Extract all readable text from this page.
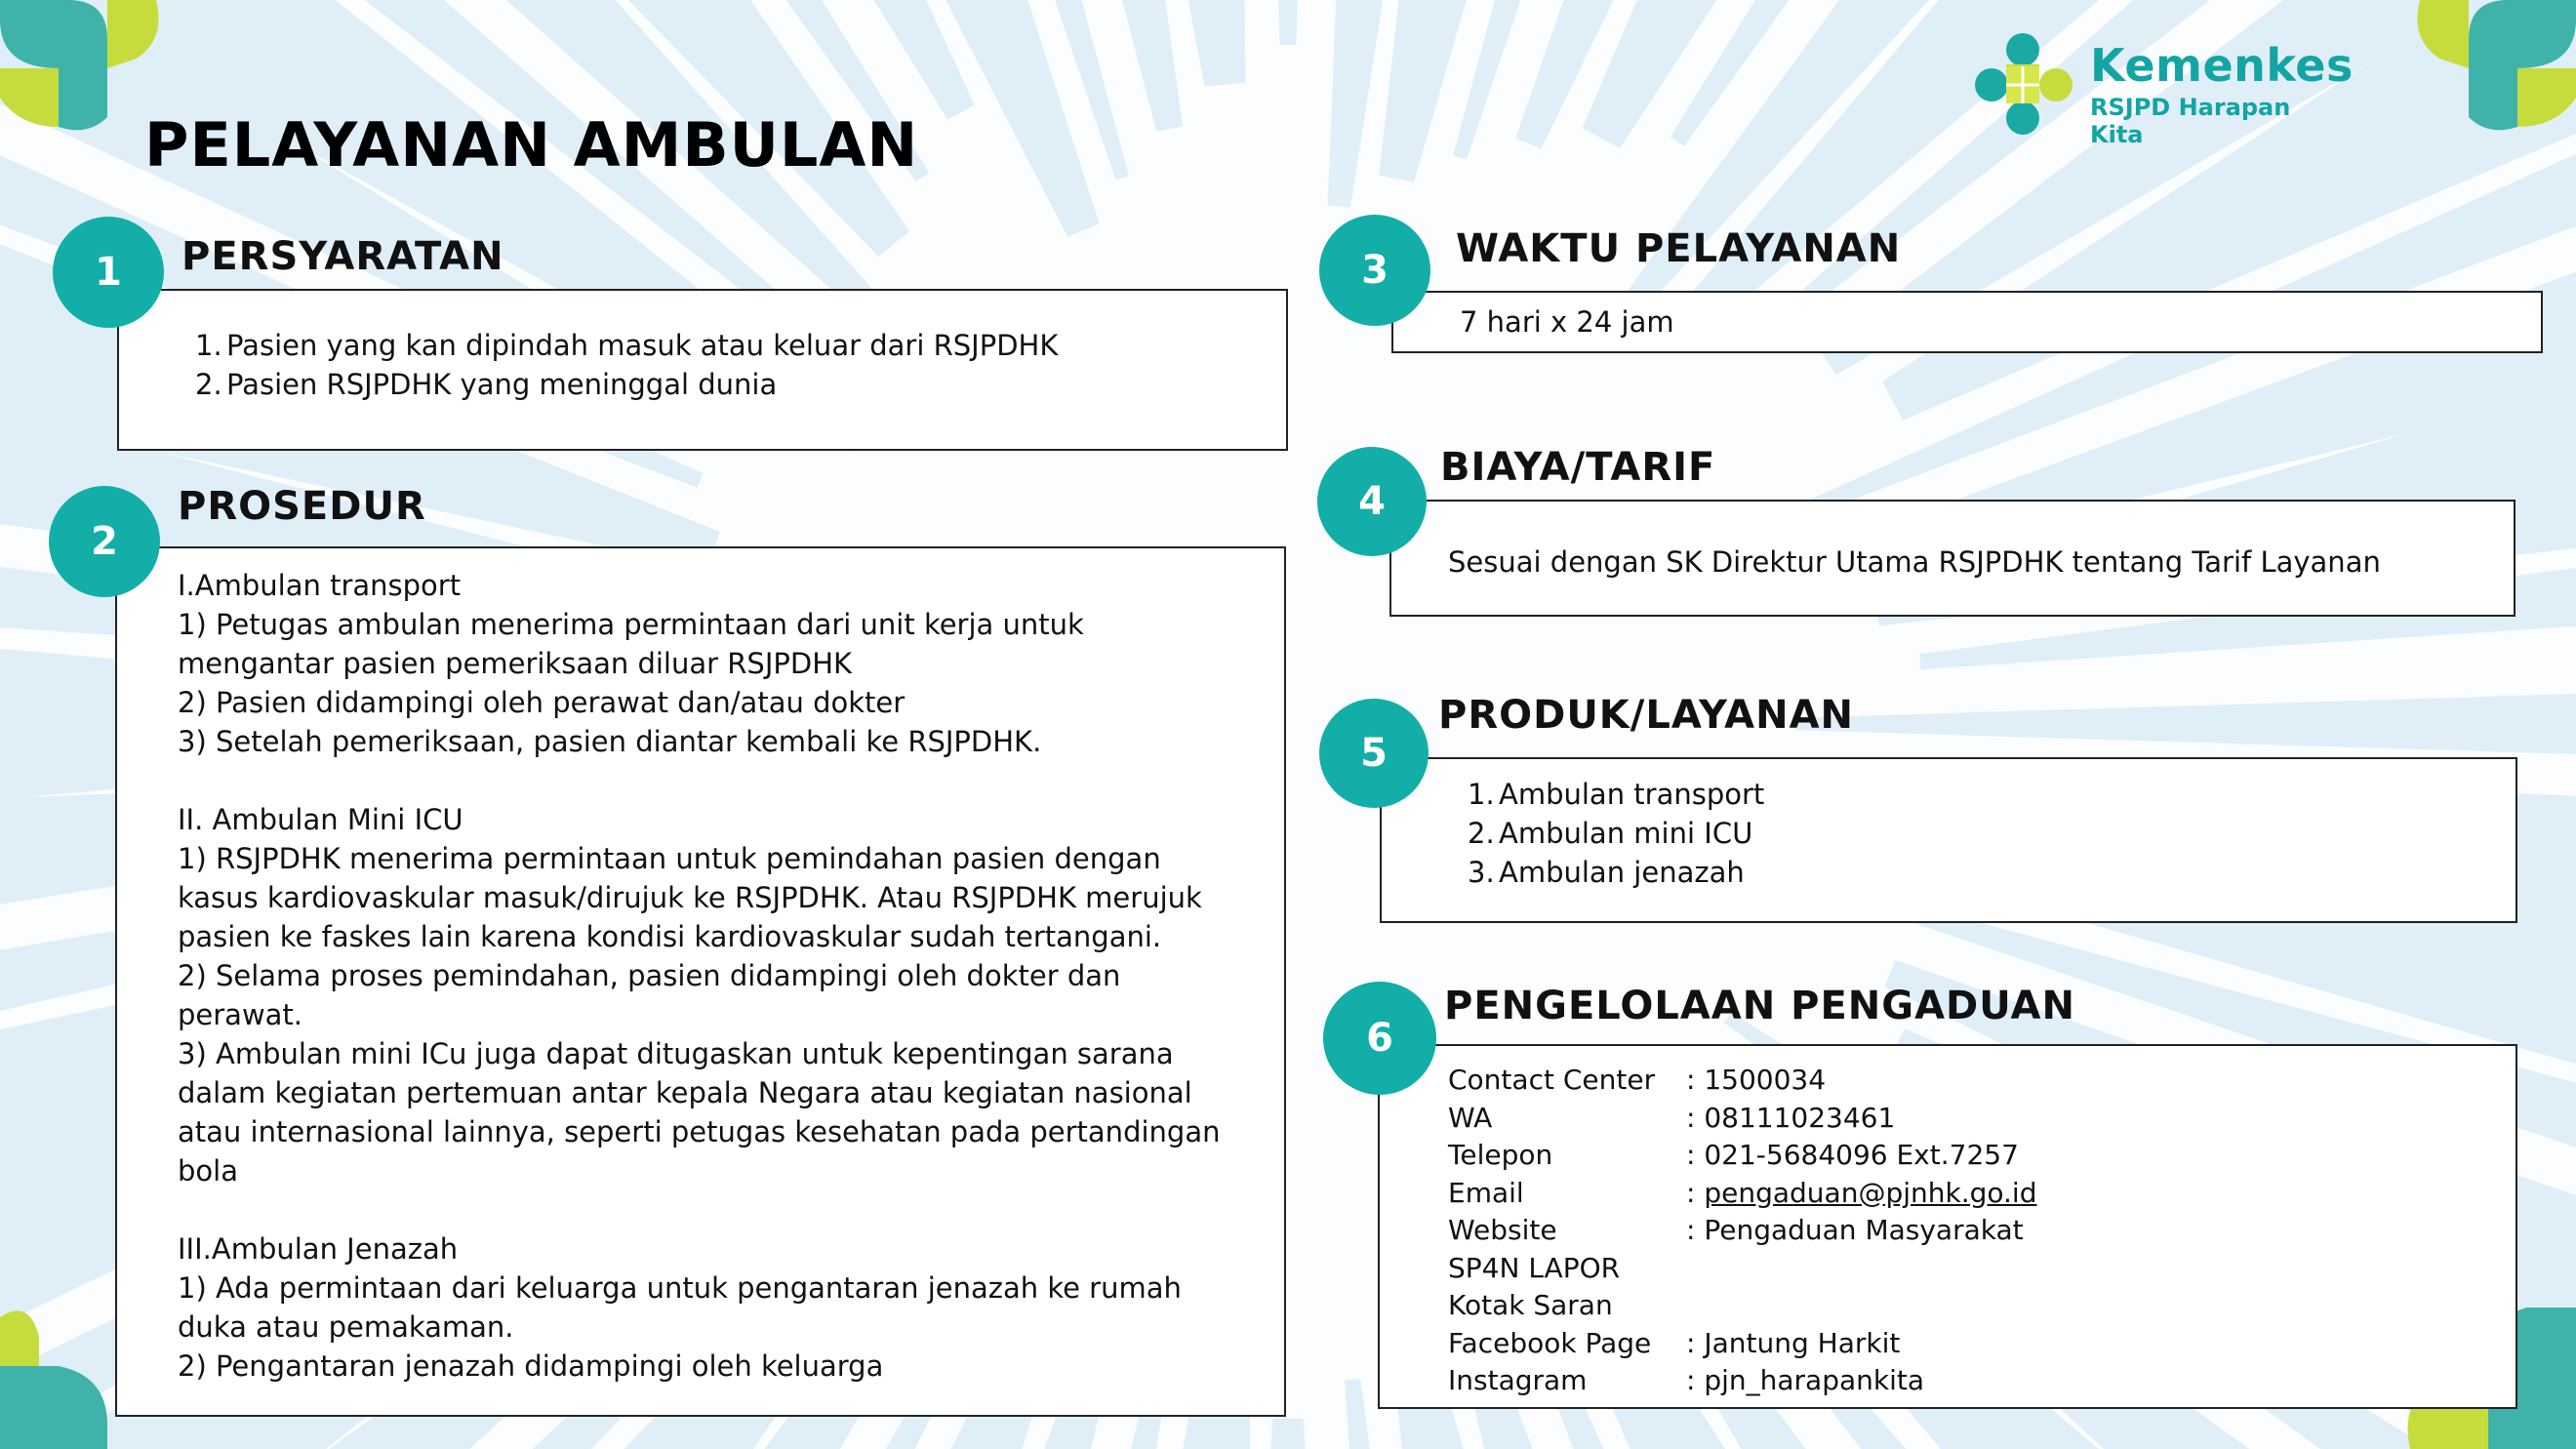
PELAYANAN AMBULAN
Kemenkes
RSJPD Harapan Kita
1	PERSYARATAN
1. Pasien yang kan dipindah masuk atau keluar dari RSJPDHK
2. Pasien RSJPDHK yang meninggal dunia
2
PROSEDUR

I.Ambulan transport

1) Petugas ambulan menerima permintaan dari unit kerja untuk

mengantar pasien pemeriksaan diluar RSJPDHK

2) Pasien didampingi oleh perawat dan/atau dokter

3) Setelah pemeriksaan, pasien diantar kembali ke RSJPDHK.

II. Ambulan Mini ICU

1) RSJPDHK menerima permintaan untuk pemindahan pasien dengan

kasus kardiovaskular masuk/dirujuk ke RSJPDHK. Atau RSJPDHK merujuk

pasien ke faskes lain karena kondisi kardiovaskular sudah tertangani.

2) Selama proses pemindahan, pasien didampingi oleh dokter dan

perawat.

3) Ambulan mini ICu juga dapat ditugaskan untuk kepentingan sarana

dalam kegiatan pertemuan antar kepala Negara atau kegiatan nasional

atau internasional lainnya, seperti petugas kesehatan pada pertandingan

bola

III.Ambulan Jenazah

1) Ada permintaan dari keluarga untuk pengantaran jenazah ke rumah

duka atau pemakaman.

2) Pengantaran jenazah didampingi oleh keluarga

3	WAKTU PELAYANAN
7 hari x 24 jam
4
BIAYA/TARIF
Sesuai dengan SK Direktur Utama RSJPDHK tentang Tarif Layanan
5
PRODUK/LAYANAN
1. Ambulan transport
2. Ambulan mini ICU
3. Ambulan jenazah
6
PENGELOLAAN PENGADUAN
Contact Center	: 1500034
WA	: 08111023461
Telepon	: 021-5684096 Ext.7257
Email	: pengaduan@pjnhk.go.id
Website	: Pengaduan Masyarakat
SP4N LAPOR	
Kotak Saran	
Facebook Page	: Jantung Harkit
Instagram	: pjn_harapankita
